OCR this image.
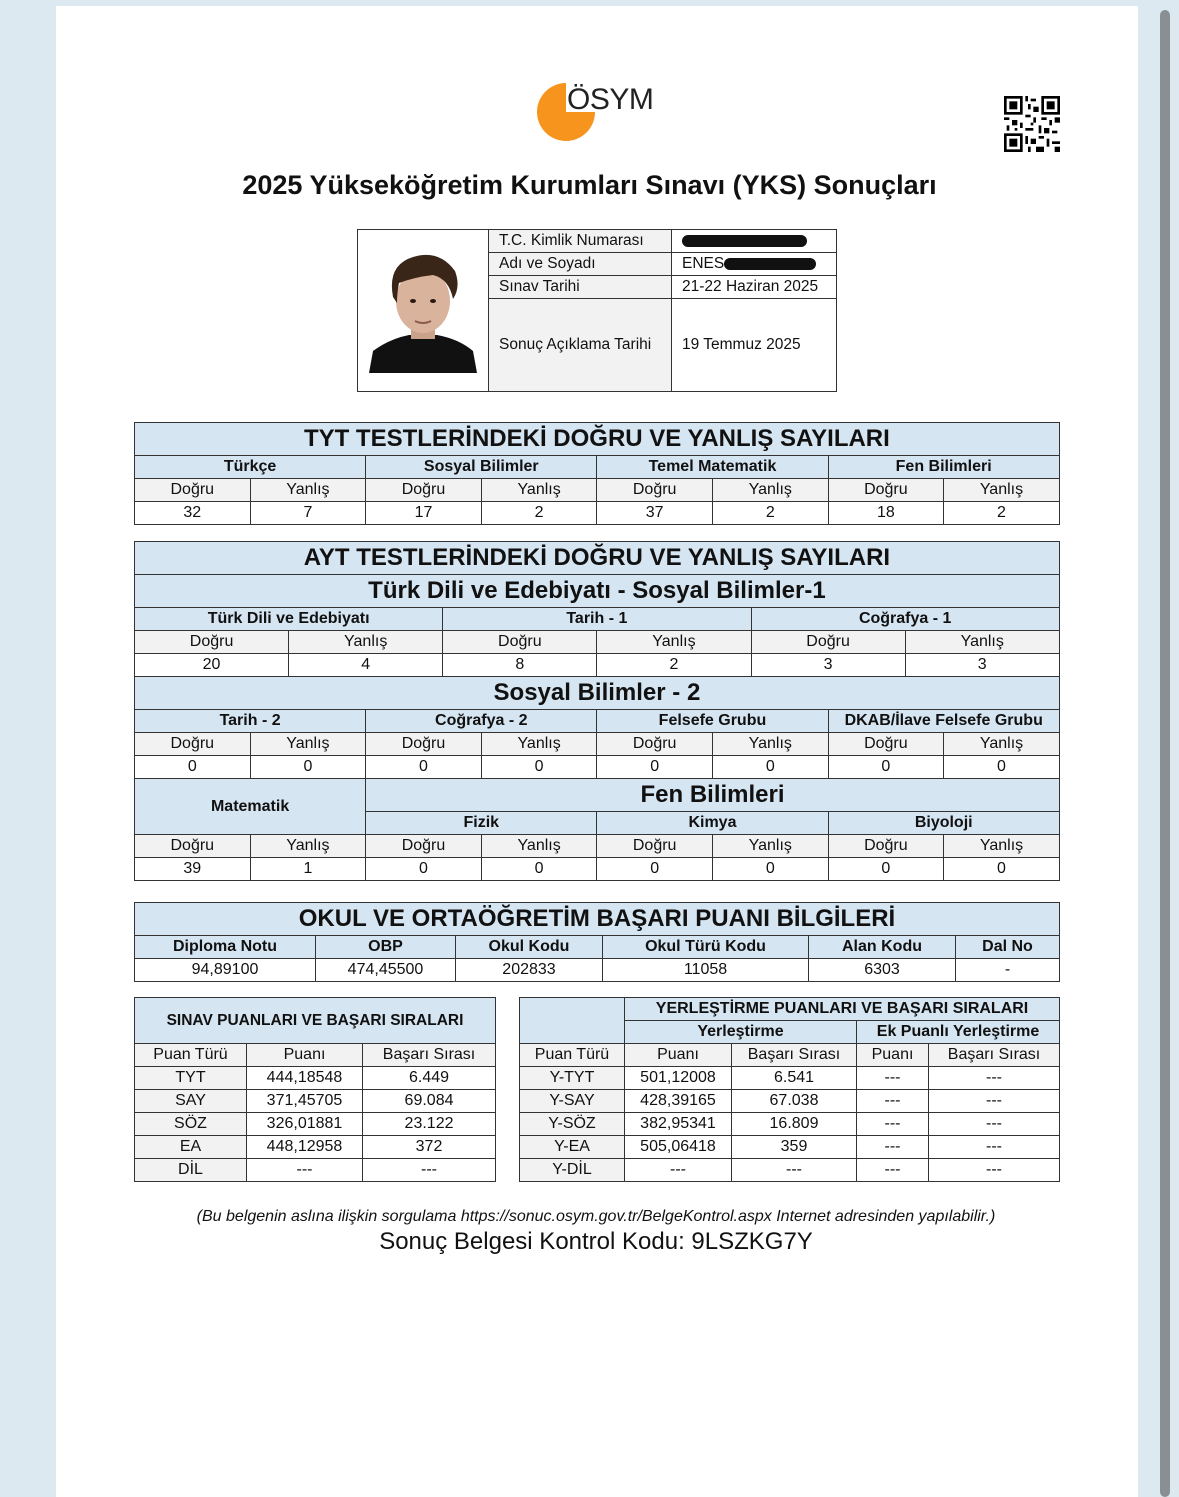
ÖSYM
2025 Yükseköğretim Kurumları Sınavı (YKS) Sonuçları
	T.C. Kimlik Numarası	
	Adı ve Soyadı	ENES
	Sınav Tarihi	21-22 Haziran 2025
	Sonuç Açıklama Tarihi	19 Temmuz 2025
TYT TESTLERİNDEKİ DOĞRU VE YANLIŞ SAYILARI							
Türkçe		Sosyal Bilimler		Temel Matematik		Fen Bilimleri	
Doğru	Yanlış	Doğru	Yanlış	Doğru	Yanlış	Doğru	Yanlış
32	7	17	2	37	2	18	2
AYT TESTLERİNDEKİ DOĞRU VE YANLIŞ SAYILARI											
Türk Dili ve Edebiyatı - Sosyal Bilimler-1											
Türk Dili ve Edebiyatı				Tarih - 1				Coğrafya - 1			
Doğru		Yanlış		Doğru		Yanlış		Doğru		Yanlış	
20		4		8		2		3		3	
Sosyal Bilimler - 2											
Tarih - 2			Coğrafya - 2			Felsefe Grubu			DKAB/İlave Felsefe Grubu		
Doğru	Yanlış		Doğru		Yanlış	Doğru	Yanlış		Doğru		Yanlış
0	0		0		0	0	0		0		0
Matematik			Fen Bilimleri								
			Fizik			Kimya			Biyoloji		
Doğru	Yanlış		Doğru		Yanlış	Doğru	Yanlış		Doğru		Yanlış
39	1		0		0	0	0		0		0
OKUL VE ORTAÖĞRETİM BAŞARI PUANI BİLGİLERİ					
Diploma Notu	OBP	Okul Kodu	Okul Türü Kodu	Alan Kodu	Dal No
94,89100	474,45500	202833	11058	6303	-
SINAV PUANLARI VE BAŞARI SIRALARI		
Puan Türü	Puanı	Başarı Sırası
TYT	444,18548	6.449
SAY	371,45705	69.084
SÖZ	326,01881	23.122
EA	448,12958	372
DİL	---	---
	YERLEŞTİRME PUANLARI VE BAŞARI SIRALARI			
	Yerleştirme		Ek Puanlı Yerleştirme	
Puan Türü	Puanı	Başarı Sırası	Puanı	Başarı Sırası
Y-TYT	501,12008	6.541	---	---
Y-SAY	428,39165	67.038	---	---
Y-SÖZ	382,95341	16.809	---	---
Y-EA	505,06418	359	---	---
Y-DİL	---	---	---	---
(Bu belgenin aslına ilişkin sorgulama https://sonuc.osym.gov.tr/BelgeKontrol.aspx Internet adresinden yapılabilir.)
Sonuç Belgesi Kontrol Kodu: 9LSZKG7Y
